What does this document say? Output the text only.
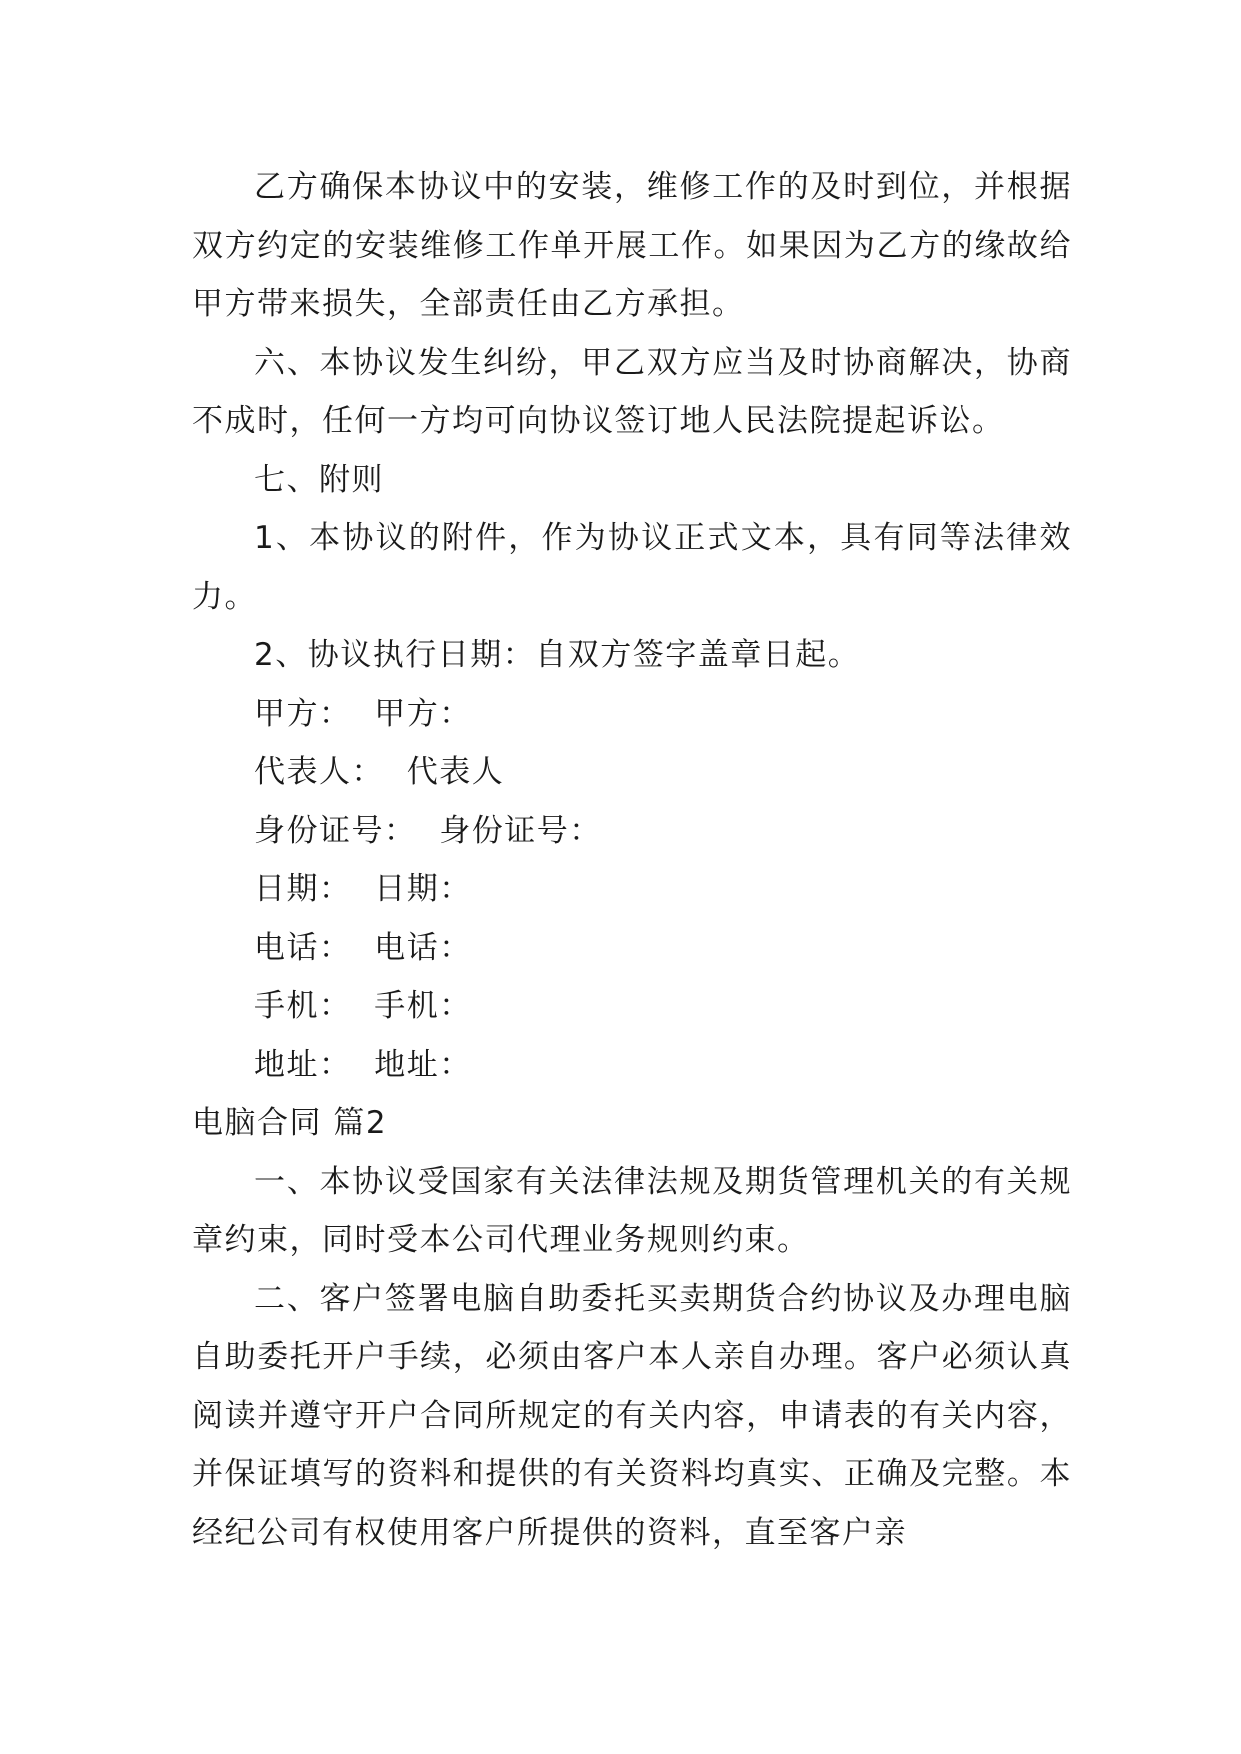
乙方确保本协议中的安装，维修工作的及时到位，并根据双方约定的安装维修工作单开展工作。如果因为乙方的缘故给甲方带来损失，全部责任由乙方承担。

六、本协议发生纠纷，甲乙双方应当及时协商解决，协商不成时，任何一方均可向协议签订地人民法院提起诉讼。

七、附则

1、本协议的附件，作为协议正式文本，具有同等法律效力。

2、协议执行日期：自双方签字盖章日起。

甲方：  甲方：

代表人：  代表人

身份证号：  身份证号：

日期：  日期：

电话：  电话：

手机：  手机：

地址：  地址：

电脑合同 篇2

一、本协议受国家有关法律法规及期货管理机关的有关规章约束，同时受本公司代理业务规则约束。

二、客户签署电脑自助委托买卖期货合约协议及办理电脑自助委托开户手续，必须由客户本人亲自办理。客户必须认真阅读并遵守开户合同所规定的有关内容，申请表的有关内容，并保证填写的资料和提供的有关资料均真实、正确及完整。本经纪公司有权使用客户所提供的资料，直至客户亲
